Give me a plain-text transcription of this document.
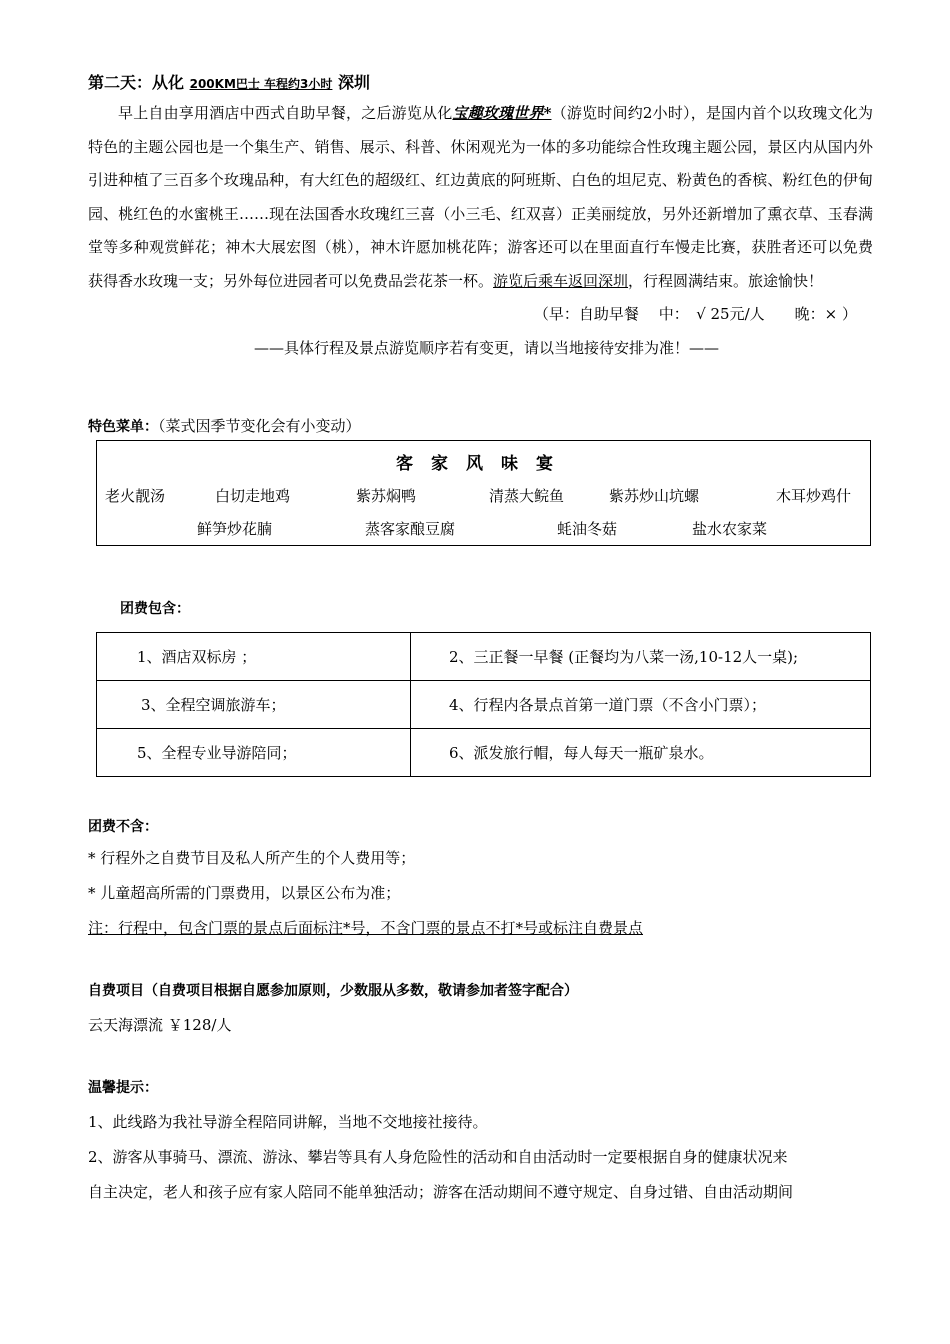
第二天：从化 200KM巴士 车程约3小时 深圳

早上自由享用酒店中西式自助早餐，之后游览从化宝趣玫瑰世界*（游览时间约2小时），是国内首个以玫瑰文化为特色的主题公园也是一个集生产、销售、展示、科普、休闲观光为一体的多功能综合性玫瑰主题公园，景区内从国内外引进种植了三百多个玫瑰品种，有大红色的超级红、红边黄底的阿班斯、白色的坦尼克、粉黄色的香槟、粉红色的伊甸园、桃红色的水蜜桃王……现在法国香水玫瑰红三喜（小三毛、红双喜）正美丽绽放，另外还新增加了熏衣草、玉春满堂等多种观赏鲜花；神木大展宏图（桃），神木许愿加桃花阵；游客还可以在里面直行车慢走比赛，获胜者还可以免费获得香水玫瑰一支；另外每位进园者可以免费品尝花茶一杯。游览后乘车返回深圳，行程圆满结束。旅途愉快！

（早：自助早餐　 中：　√ 25元/人　　晚：× ）
——具体行程及景点游览顺序若有变更，请以当地接待安排为准！——
特色菜单：（菜式因季节变化会有小变动）
客家风味宴
老火靓汤	白切走地鸡	紫苏焖鸭	清蒸大鲩鱼	紫苏炒山坑螺	木耳炒鸡什
鲜笋炒花腩	蒸客家酿豆腐	蚝油冬菇	盐水农家菜
团费包含：
1、酒店双标房 ；	2、三正餐一早餐 (正餐均为八菜一汤,10-12人一桌);
3、全程空调旅游车；	4、行程内各景点首第一道门票（不含小门票）；
5、全程专业导游陪同；	6、派发旅行帽，每人每天一瓶矿泉水。
团费不含：
* 行程外之自费节目及私人所产生的个人费用等；
* 儿童超高所需的门票费用，以景区公布为准；
注：行程中，包含门票的景点后面标注*号，不含门票的景点不打*号或标注自费景点
自费项目（自费项目根据自愿参加原则，少数服从多数，敬请参加者签字配合）
云天海漂流 ￥128/人
温馨提示：
1、此线路为我社导游全程陪同讲解，当地不交地接社接待。
2、游客从事骑马、漂流、游泳、攀岩等具有人身危险性的活动和自由活动时一定要根据自身的健康状况来
自主决定，老人和孩子应有家人陪同不能单独活动；游客在活动期间不遵守规定、自身过错、自由活动期间
